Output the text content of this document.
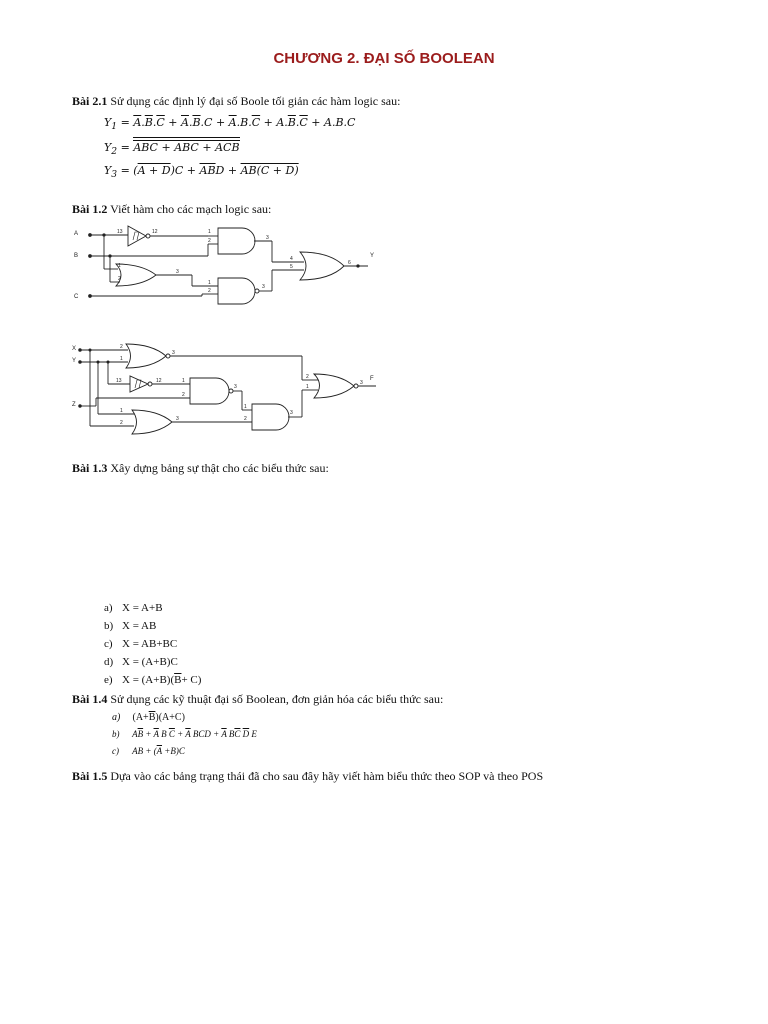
CHƯƠNG 2. ĐẠI SỐ BOOLEAN
Bài 2.1 Sử dụng các định lý đại số Boole tối giản các hàm logic sau:
$Y_1 = \overline{A}.\overline{B}.\overline{C} + \overline{A}.\overline{B}.C + \overline{A}.B.\overline{C} + A.\overline{B}.\overline{C} + A.B.C$
$Y_2 = \overline{ABC} + \overline{A}\overline{BC} + \overline{AC}B$
$Y_3 = (A + D)C + \overline{AB}D + AB(C + D)$
Bài 1.2 Viết hàm cho các mạch logic sau:
A
B
C
Y
13	12	1
2	3
1
2
3
4
5
6
1
2
3
X
Y
Z
F
2
1
3
13	12	1
2
3
1
2
3
1
2
3
2
1
3
Bài 1.3 Xây dựng bảng sự thật cho các biểu thức sau:
a) X = A+B
b) X = AB
c) X = AB+BC
d) X = (A+B)C
e) $X = (A+B)(\overline{B}+ C)$
Bài 1.4 Sử dụng các kỹ thuật đại số Boolean, đơn giản hóa các biểu thức sau:
a) $(A+\overline{B})(A+C)$
b) $A\overline{B} + \overline{A}$ B $\overline{C} + \overline{A}$ BCD + $\overline{A}$ $B\overline{C}$ $\overline{D}$ E
c) AB + $(\overline{A} +B)C$
Bài 1.5 Dựa vào các bảng trạng thái đã cho sau đây hãy viết hàm biểu thức theo SOP và theo POS
